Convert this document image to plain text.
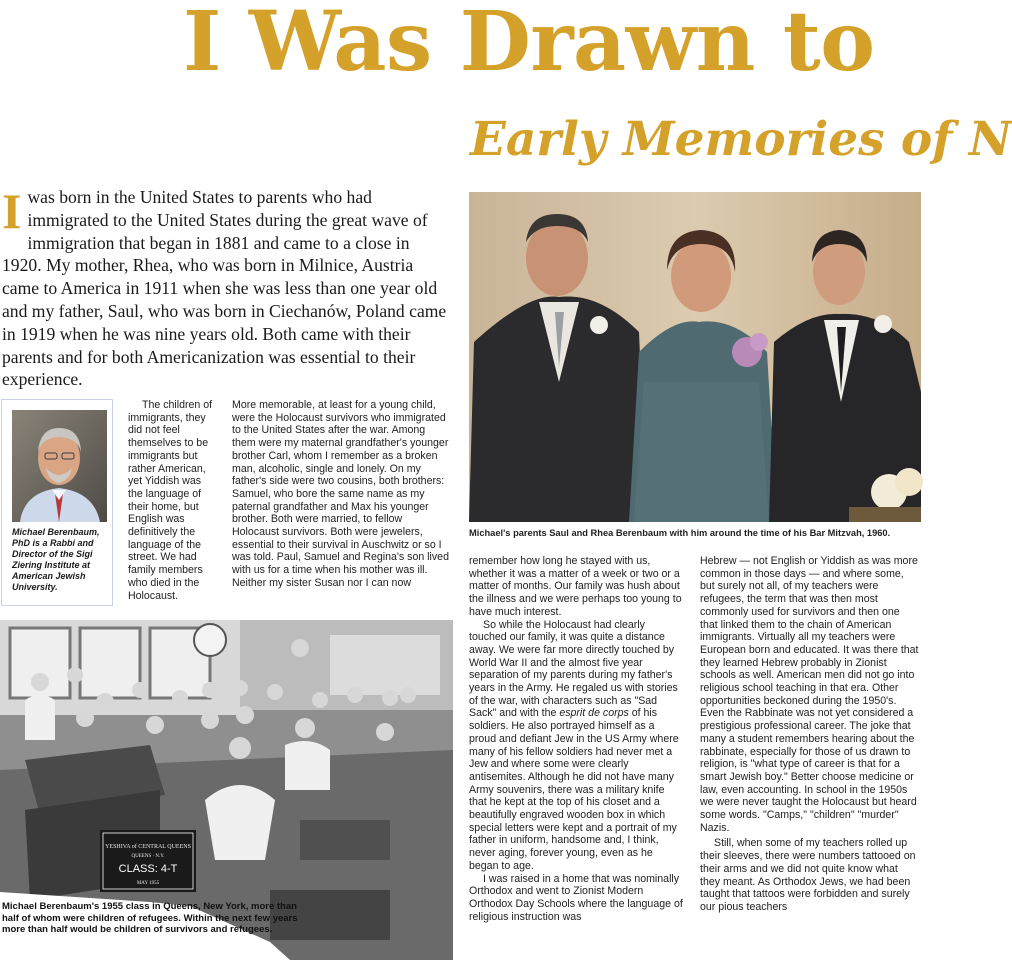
I Was Drawn to
Early Memories of N
Iwas born in the United States to parents who had immigrated to the United States during the great wave of immigration that began in 1881 and came to a close in 1920. My mother, Rhea, who was born in Milnice, Austria came to America in 1911 when she was less than one year old and my father, Saul, who was born in Ciechanów, Poland came in 1919 when he was nine years old. Both came with their parents and for both Americanization was essential to their experience.
Michael Berenbaum, PhD is a Rabbi and Director of the Sigi Ziering Institute at American Jewish University.

The children of immigrants, they did not feel themselves to be immigrants but rather American, yet Yiddish was the language of their home, but English was definitively the language of the street. We had family members who died in the Holocaust.

More memorable, at least for a young child, were the Holocaust survivors who immigrated to the United States after the war. Among them were my maternal grandfather's younger brother Carl, whom I remember as a broken man, alcoholic, single and lonely. On my father's side were two cousins, both brothers: Samuel, who bore the same name as my paternal grandfather and Max his younger brother. Both were married, to fellow Holocaust survivors. Both were jewelers, essential to their survival in Auschwitz or so I was told. Paul, Samuel and Regina's son lived with us for a time when his mother was ill. Neither my sister Susan nor I can now

remember how long he stayed with us, whether it was a matter of a week or two or a matter of months. Our family was hush about the illness and we were perhaps too young to have much interest.

So while the Holocaust had clearly touched our family, it was quite a distance away. We were far more directly touched by World War II and the almost five year separation of my parents during my father's years in the Army. He regaled us with stories of the war, with characters such as "Sad Sack" and with the esprit de corps of his soldiers. He also portrayed himself as a proud and defiant Jew in the US Army where many of his fellow soldiers had never met a Jew and where some were clearly antisemites. Although he did not have many Army souvenirs, there was a military knife that he kept at the top of his closet and a beautifully engraved wooden box in which special letters were kept and a portrait of my father in uniform, handsome and, I think, never aging, forever young, even as he began to age.

I was raised in a home that was nominally Orthodox and went to Zionist Modern Orthodox Day Schools where the language of religious instruction was

Hebrew — not English or Yiddish as was more common in those days — and where some, but surely not all, of my teachers were refugees, the term that was then most commonly used for survivors and then one that linked them to the chain of American immigrants. Virtually all my teachers were European born and educated. It was there that they learned Hebrew probably in Zionist schools as well. American men did not go into religious school teaching in that era. Other opportunities beckoned during the 1950's. Even the Rabbinate was not yet considered a prestigious professional career. The joke that many a student remembers hearing about the rabbinate, especially for those of us drawn to religion, is "what type of career is that for a smart Jewish boy." Better choose medicine or law, even accounting. In school in the 1950s we were never taught the Holocaust but heard some words. "Camps," "children" "murder" Nazis.

Still, when some of my teachers rolled up their sleeves, there were numbers tattooed on their arms and we did not quite know what they meant. As Orthodox Jews, we had been taught that tattoos were forbidden and surely our pious teachers

Michael's parents Saul and Rhea Berenbaum with him around the time of his Bar Mitzvah, 1960.
YESHIVA of CENTRAL QUEENS
QUEENS · N.Y.
CLASS: 4-T
MAY 1955
Michael Berenbaum's 1955 class in Queens, New York, more than half of whom were children of refugees. Within the next few years more than half would be children of survivors and refugees.
